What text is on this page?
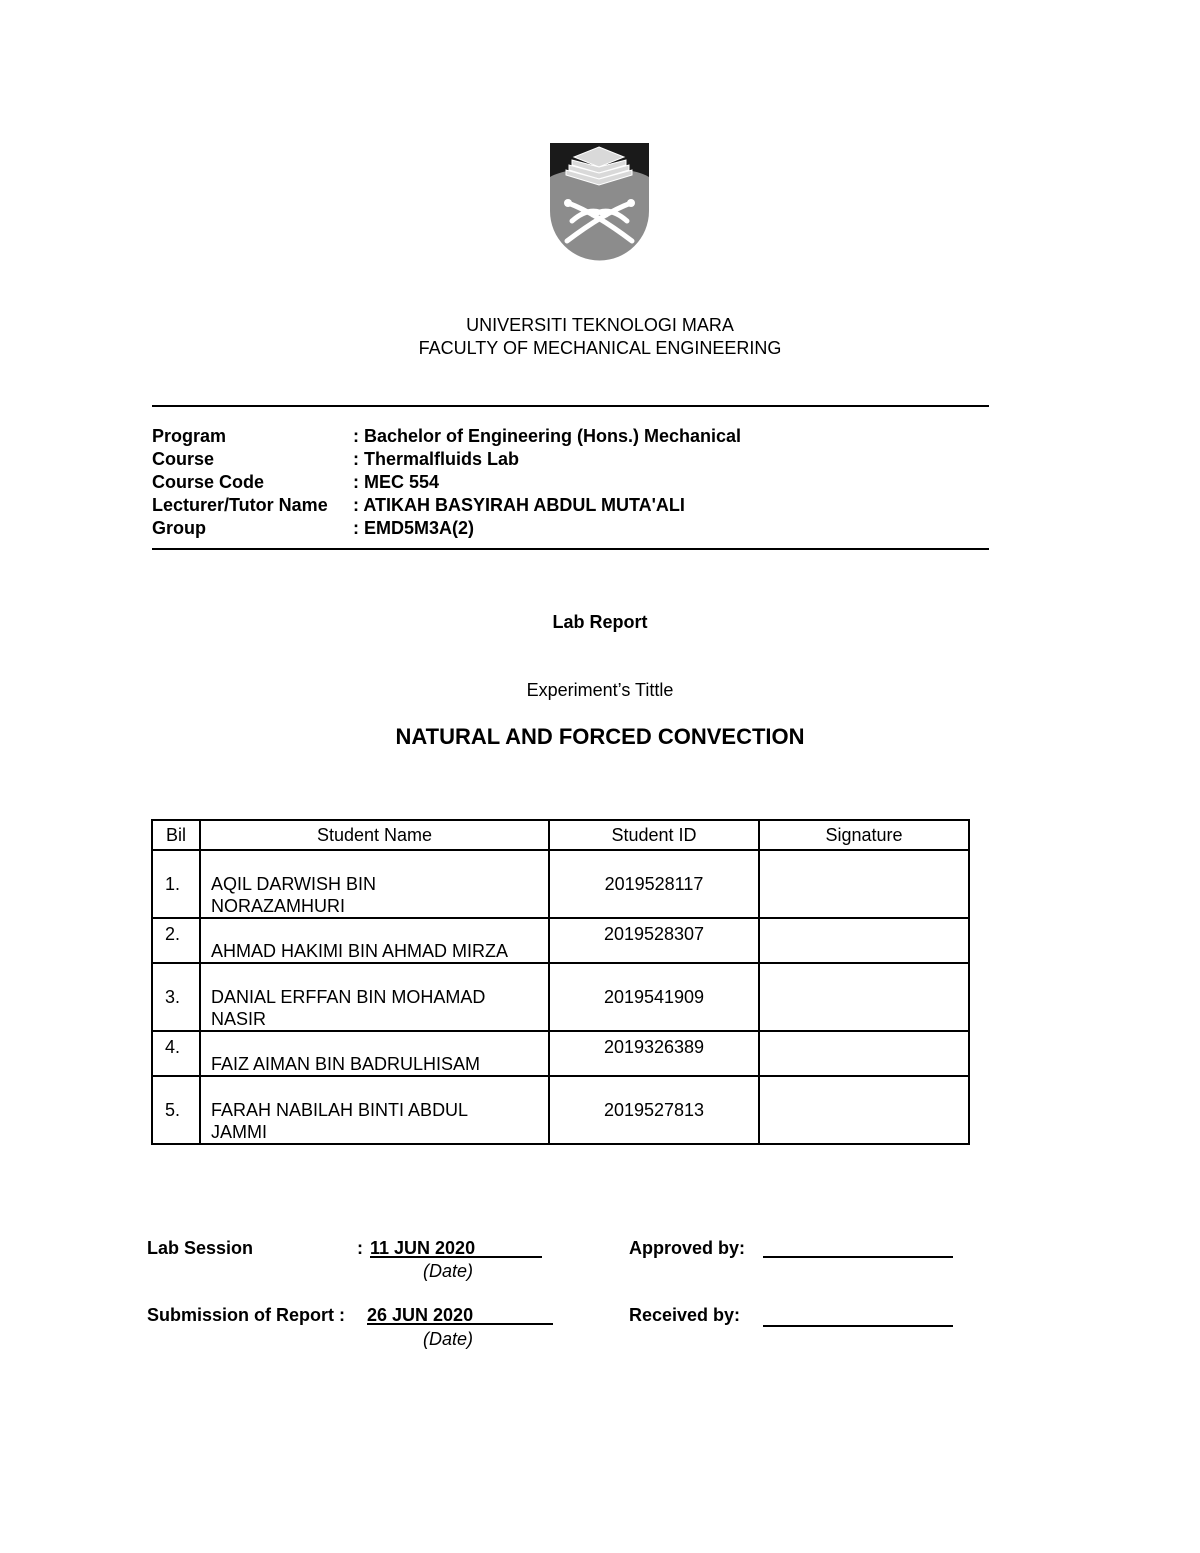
UNIVERSITI TEKNOLOGI MARA
FACULTY OF MECHANICAL ENGINEERING
Program	: Bachelor of Engineering (Hons.) Mechanical
Course	: Thermalfluids Lab
Course Code	: MEC 554
Lecturer/Tutor Name	: ATIKAH BASYIRAH ABDUL MUTA'ALI
Group	: EMD5M3A(2)
Lab Report
Experiment’s Tittle
NATURAL AND FORCED CONVECTION
Bil	Student Name	Student ID	Signature

1.	AQIL DARWISH BIN
NORAZAMHURI	2019528117	

2.	AHMAD HAKIMI BIN AHMAD MIRZA	2019528307	

3.	DANIAL ERFFAN BIN MOHAMAD
NASIR	2019541909	

4.	FAIZ AIMAN BIN BADRULHISAM	2019326389	

5.	FARAH NABILAH BINTI ABDUL
JAMMI	2019527813	

Lab Session	: 11 JUN 2020
(Date)
Approved by:
Submission of Report : 26 JUN 2020
(Date)
Received by:
